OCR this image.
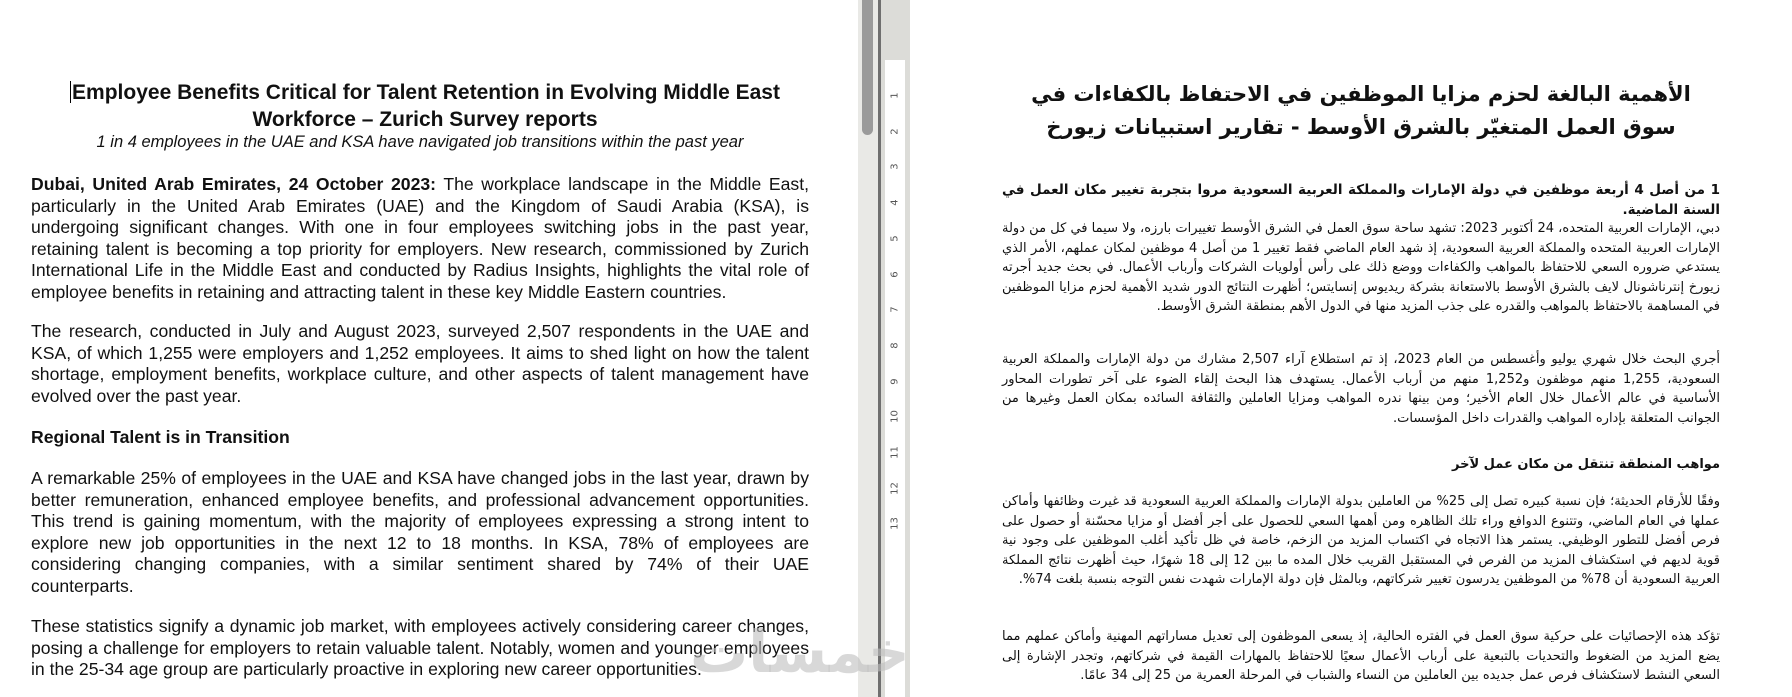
Employee Benefits Critical for Talent Retention in Evolving Middle East Workforce – Zurich Survey reports
1 in 4 employees in the UAE and KSA have navigated job transitions within the past year
Dubai, United Arab Emirates, 24 October 2023: The workplace landscape in the Middle East, particularly in the United Arab Emirates (UAE) and the Kingdom of Saudi Arabia (KSA), is undergoing significant changes. With one in four employees switching jobs in the past year, retaining talent is becoming a top priority for employers. New research, commissioned by Zurich International Life in the Middle East and conducted by Radius Insights, highlights the vital role of employee benefits in retaining and attracting talent in these key Middle Eastern countries.
The research, conducted in July and August 2023, surveyed 2,507 respondents in the UAE and KSA, of which 1,255 were employers and 1,252 employees. It aims to shed light on how the talent shortage, employment benefits, workplace culture, and other aspects of talent management have evolved over the past year.
Regional Talent is in Transition
A remarkable 25% of employees in the UAE and KSA have changed jobs in the last year, drawn by better remuneration, enhanced employee benefits, and professional advancement opportunities. This trend is gaining momentum, with the majority of employees expressing a strong intent to explore new job opportunities in the next 12 to 18 months. In KSA, 78% of employees are considering changing companies, with a similar sentiment shared by 74% of their UAE counterparts.
These statistics signify a dynamic job market, with employees actively considering career changes, posing a challenge for employers to retain valuable talent. Notably, women and younger employees in the 25-34 age group are particularly proactive in exploring new career opportunities.
1
2
3
4
5
6
7
8
9
10
11
12
13
الأهمية البالغة لحزم مزايا الموظفين في الاحتفاظ بالكفاءات في سوق العمل المتغيّر بالشرق الأوسط - تقارير استبيانات زيورخ
1 من أصل 4 أربعة موظفين في دولة الإمارات والمملكة العربية السعودية مروا بتجربة تغيير مكان العمل في السنة الماضية.
دبي، الإمارات العربية المتحده، 24 أكتوبر 2023: تشهد ساحة سوق العمل في الشرق الأوسط تغييرات بارزه، ولا سيما في كل من دولة الإمارات العربية المتحده والمملكة العربية السعودية، إذ شهد العام الماضي فقط تغيير 1 من أصل 4 موظفين لمكان عملهم، الأمر الذي يستدعي ضروره السعي للاحتفاظ بالمواهب والكفاءات ووضع ذلك على رأس أولويات الشركات وأرباب الأعمال. في بحث جديد أجرته زيورخ إنترناشونال لايف بالشرق الأوسط بالاستعانة بشركة ريديوس إنسايتس؛ أظهرت النتائج الدور شديد الأهمية لحزم مزايا الموظفين في المساهمة بالاحتفاظ بالمواهب والقدره على جذب المزيد منها في الدول الأهم بمنطقة الشرق الأوسط.
أجري البحث خلال شهري يوليو وأغسطس من العام 2023، إذ تم استطلاع آراء 2,507 مشارك من دولة الإمارات والمملكة العربية السعودية، 1,255 منهم موظفون و1,252 منهم من أرباب الأعمال. يستهدف هذا البحث إلقاء الضوء على آخر تطورات المحاور الأساسية في عالم الأعمال خلال العام الأخير؛ ومن بينها ندره المواهب ومزايا العاملين والثقافة السائده بمكان العمل وغيرها من الجوانب المتعلقة بإداره المواهب والقدرات داخل المؤسسات.
مواهب المنطقة تنتقل من مكان عمل لآخر
وفقًا للأرقام الحديثة؛ فإن نسبة كبيره تصل إلى 25% من العاملين بدولة الإمارات والمملكة العربية السعودية قد غيرت وظائفها وأماكن عملها في العام الماضي، وتتنوع الدوافع وراء تلك الظاهره ومن أهمها السعي للحصول على أجر أفضل أو مزايا محسّنة أو حصول على فرص أفضل للتطور الوظيفي. يستمر هذا الاتجاه في اكتساب المزيد من الزخم، خاصة في ظل تأكيد أغلب الموظفين على وجود نية قوية لديهم في استكشاف المزيد من الفرص في المستقبل القريب خلال المده ما بين 12 إلى 18 شهرًا، حيث أظهرت نتائج المملكة العربية السعودية أن 78% من الموظفين يدرسون تغيير شركاتهم، وبالمثل فإن دولة الإمارات شهدت نفس التوجه بنسبة بلغت 74%.
تؤكد هذه الإحصائيات على حركية سوق العمل في الفتره الحالية، إذ يسعى الموظفون إلى تعديل مساراتهم المهنية وأماكن عملهم مما يضع المزيد من الضغوط والتحديات بالتبعية على أرباب الأعمال سعيًا للاحتفاظ بالمهارات القيمة في شركاتهم، وتجدر الإشارة إلى السعي النشط لاستكشاف فرص عمل جديده بين العاملين من النساء والشباب في المرحلة العمرية من 25 إلى 34 عامًا.
خمسات
